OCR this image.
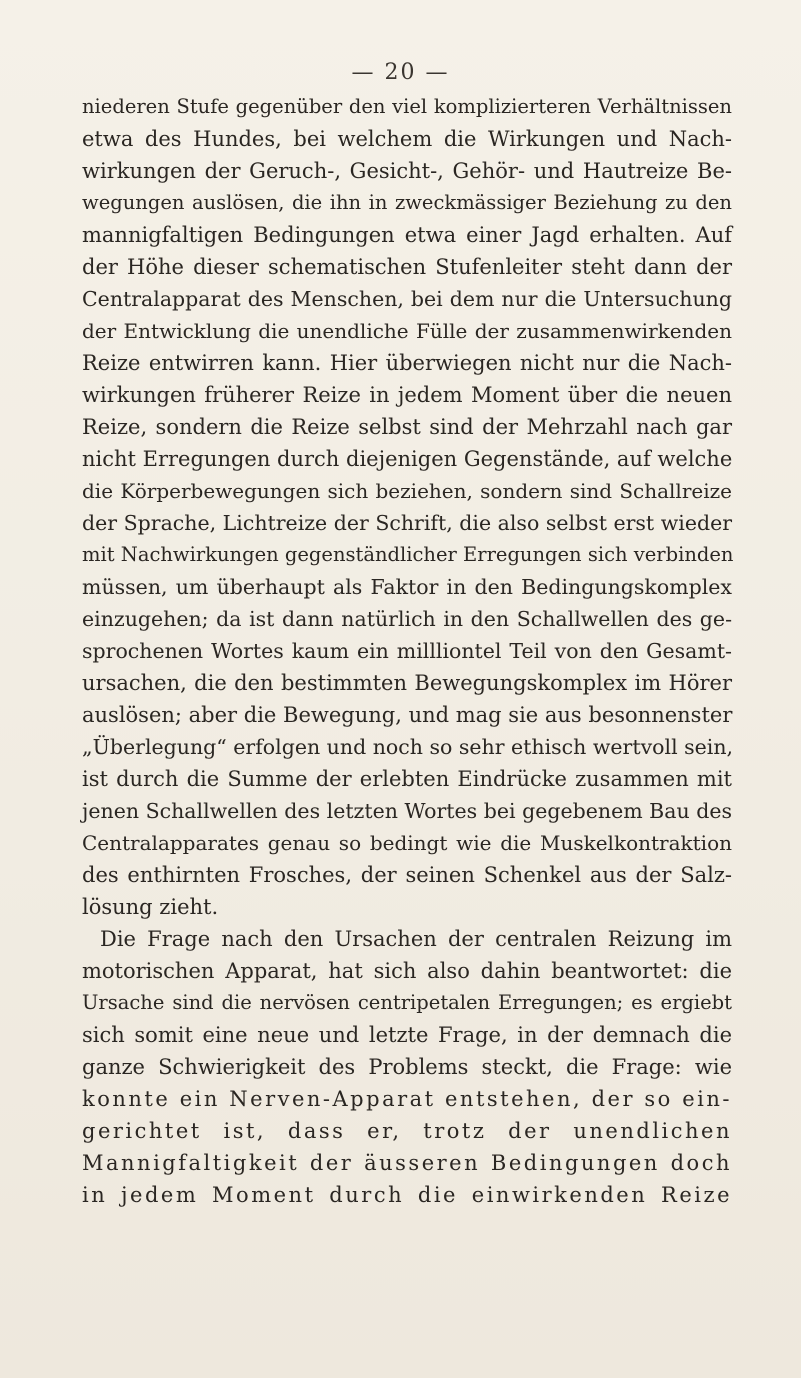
— 20 —
niederen Stufe gegenüber den viel komplizierteren Verhältnissen
etwa des Hundes, bei welchem die Wirkungen und Nach-
wirkungen der Geruch-, Gesicht-, Gehör- und Hautreize Be-
wegungen auslösen, die ihn in zweckmässiger Beziehung zu den
mannigfaltigen Bedingungen etwa einer Jagd erhalten. Auf
der Höhe dieser schematischen Stufenleiter steht dann der
Centralapparat des Menschen, bei dem nur die Untersuchung
der Entwicklung die unendliche Fülle der zusammenwirkenden
Reize entwirren kann. Hier überwiegen nicht nur die Nach-
wirkungen früherer Reize in jedem Moment über die neuen
Reize, sondern die Reize selbst sind der Mehrzahl nach gar
nicht Erregungen durch diejenigen Gegenstände, auf welche
die Körperbewegungen sich beziehen, sondern sind Schallreize
der Sprache, Lichtreize der Schrift, die also selbst erst wieder
mit Nachwirkungen gegenständlicher Erregungen sich verbinden
müssen, um überhaupt als Faktor in den Bedingungskomplex
einzugehen; da ist dann natürlich in den Schallwellen des ge-
sprochenen Wortes kaum ein millliontel Teil von den Gesamt-
ursachen, die den bestimmten Bewegungskomplex im Hörer
auslösen; aber die Bewegung, und mag sie aus besonnenster
„Überlegung“ erfolgen und noch so sehr ethisch wertvoll sein,
ist durch die Summe der erlebten Eindrücke zusammen mit
jenen Schallwellen des letzten Wortes bei gegebenem Bau des
Centralapparates genau so bedingt wie die Muskelkontraktion
des enthirnten Frosches, der seinen Schenkel aus der Salz-
lösung zieht.
Die Frage nach den Ursachen der centralen Reizung im
motorischen Apparat, hat sich also dahin beantwortet: die
Ursache sind die nervösen centripetalen Erregungen; es ergiebt
sich somit eine neue und letzte Frage, in der demnach die
ganze Schwierigkeit des Problems steckt, die Frage: wie
konnte ein Nerven-Apparat entstehen, der so ein-
gerichtet ist, dass er, trotz der unendlichen
Mannigfaltigkeit der äusseren Bedingungen doch
in jedem Moment durch die einwirkenden Reize
